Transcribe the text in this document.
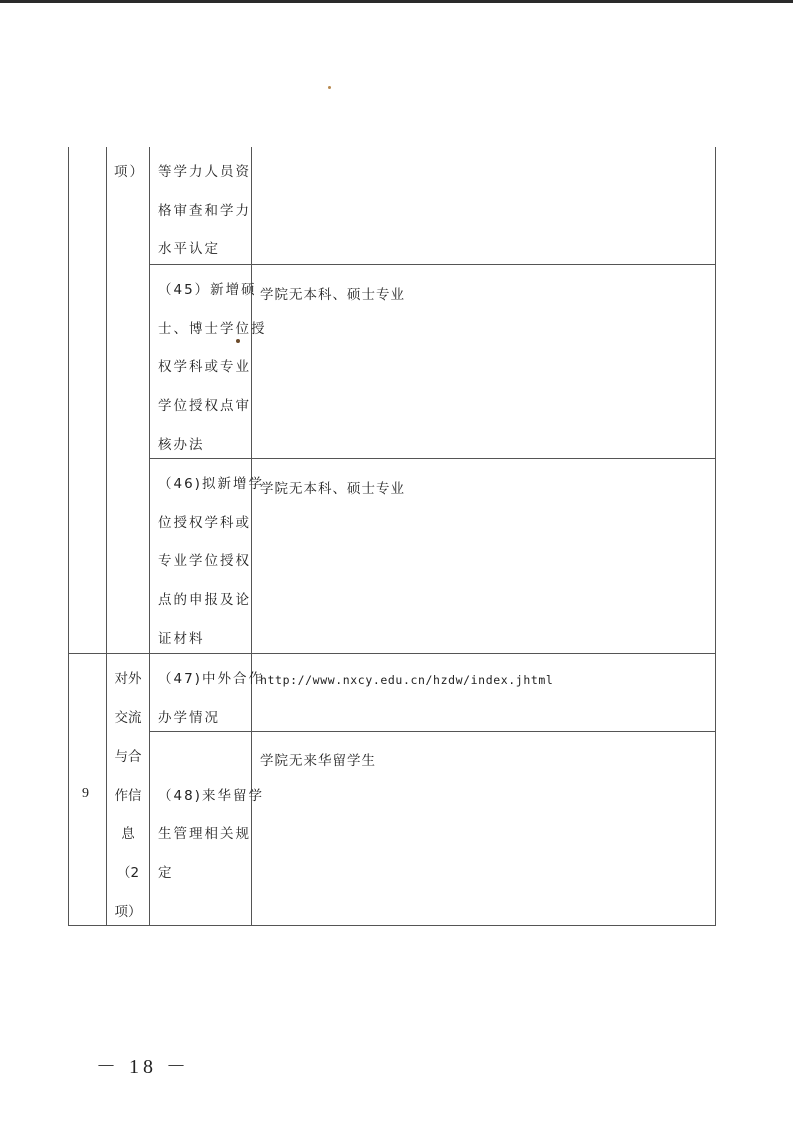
项） 等学力人员资
格审查和学力
水平认定
（45）新增硕
士、博士学位授
权学科或专业
学位授权点审
核办法
学院无本科、硕士专业
（46)拟新增学
位授权学科或
专业学位授权
点的申报及论
证材料
学院无本科、硕士专业
9
对外
交流
与合
作信
息
（2
项）
（47)中外合作
办学情况
http://www.nxcy.edu.cn/hzdw/index.jhtml
（48)来华留学
生管理相关规
定
学院无来华留学生
－ 18 －
